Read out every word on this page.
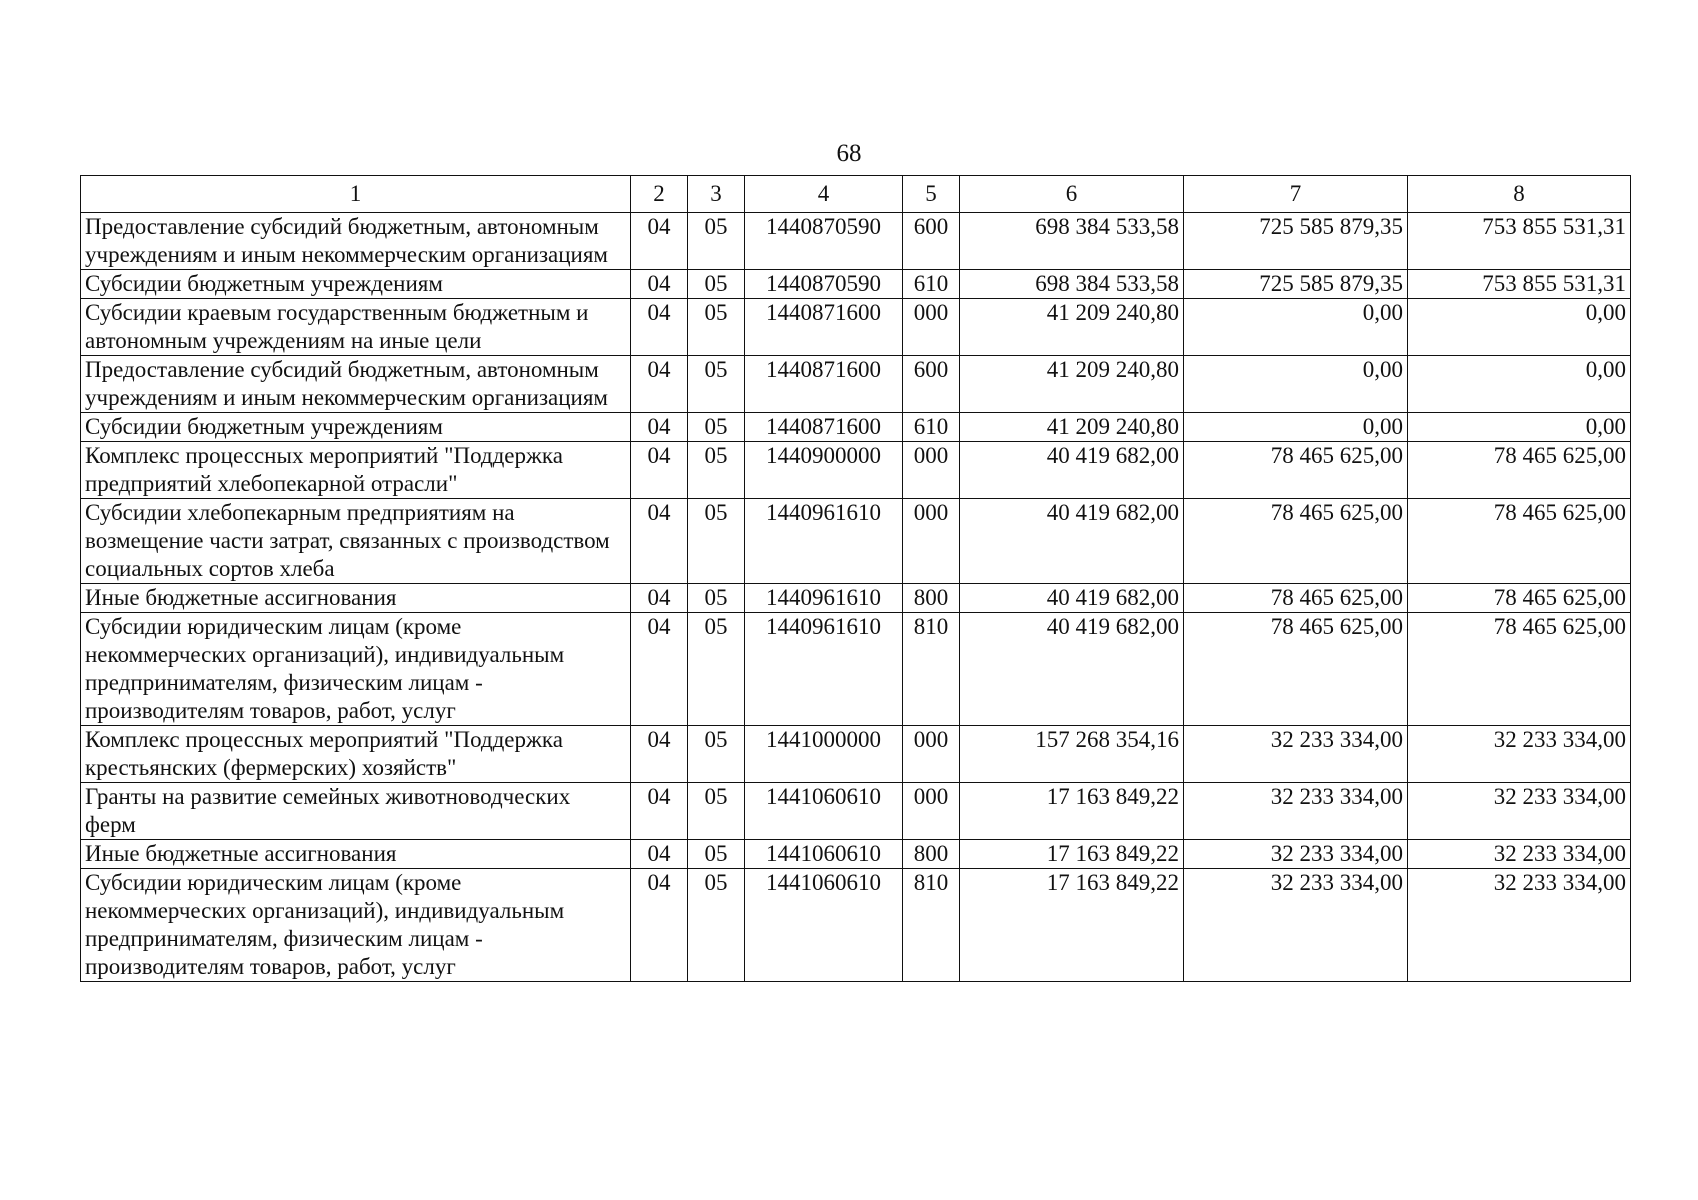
68
1	2	3	4	5	6	7	8
Предоставление субсидий бюджетным, автономным учреждениям и иным некоммерческим организациям	04	05	1440870590	600	698 384 533,58	725 585 879,35	753 855 531,31
Субсидии бюджетным учреждениям	04	05	1440870590	610	698 384 533,58	725 585 879,35	753 855 531,31
Субсидии краевым государственным бюджетным и автономным учреждениям на иные цели	04	05	1440871600	000	41 209 240,80	0,00	0,00
Предоставление субсидий бюджетным, автономным учреждениям и иным некоммерческим организациям	04	05	1440871600	600	41 209 240,80	0,00	0,00
Субсидии бюджетным учреждениям	04	05	1440871600	610	41 209 240,80	0,00	0,00
Комплекс процессных мероприятий "Поддержка предприятий хлебопекарной отрасли"	04	05	1440900000	000	40 419 682,00	78 465 625,00	78 465 625,00
Субсидии хлебопекарным предприятиям на возмещение части затрат, связанных с производством социальных сортов хлеба	04	05	1440961610	000	40 419 682,00	78 465 625,00	78 465 625,00
Иные бюджетные ассигнования	04	05	1440961610	800	40 419 682,00	78 465 625,00	78 465 625,00
Субсидии юридическим лицам (кроме некоммерческих организаций), индивидуальным предпринимателям, физическим лицам - производителям товаров, работ, услуг	04	05	1440961610	810	40 419 682,00	78 465 625,00	78 465 625,00
Комплекс процессных мероприятий "Поддержка крестьянских (фермерских) хозяйств"	04	05	1441000000	000	157 268 354,16	32 233 334,00	32 233 334,00
Гранты на развитие семейных животноводческих ферм	04	05	1441060610	000	17 163 849,22	32 233 334,00	32 233 334,00
Иные бюджетные ассигнования	04	05	1441060610	800	17 163 849,22	32 233 334,00	32 233 334,00
Субсидии юридическим лицам (кроме некоммерческих организаций), индивидуальным предпринимателям, физическим лицам - производителям товаров, работ, услуг	04	05	1441060610	810	17 163 849,22	32 233 334,00	32 233 334,00
